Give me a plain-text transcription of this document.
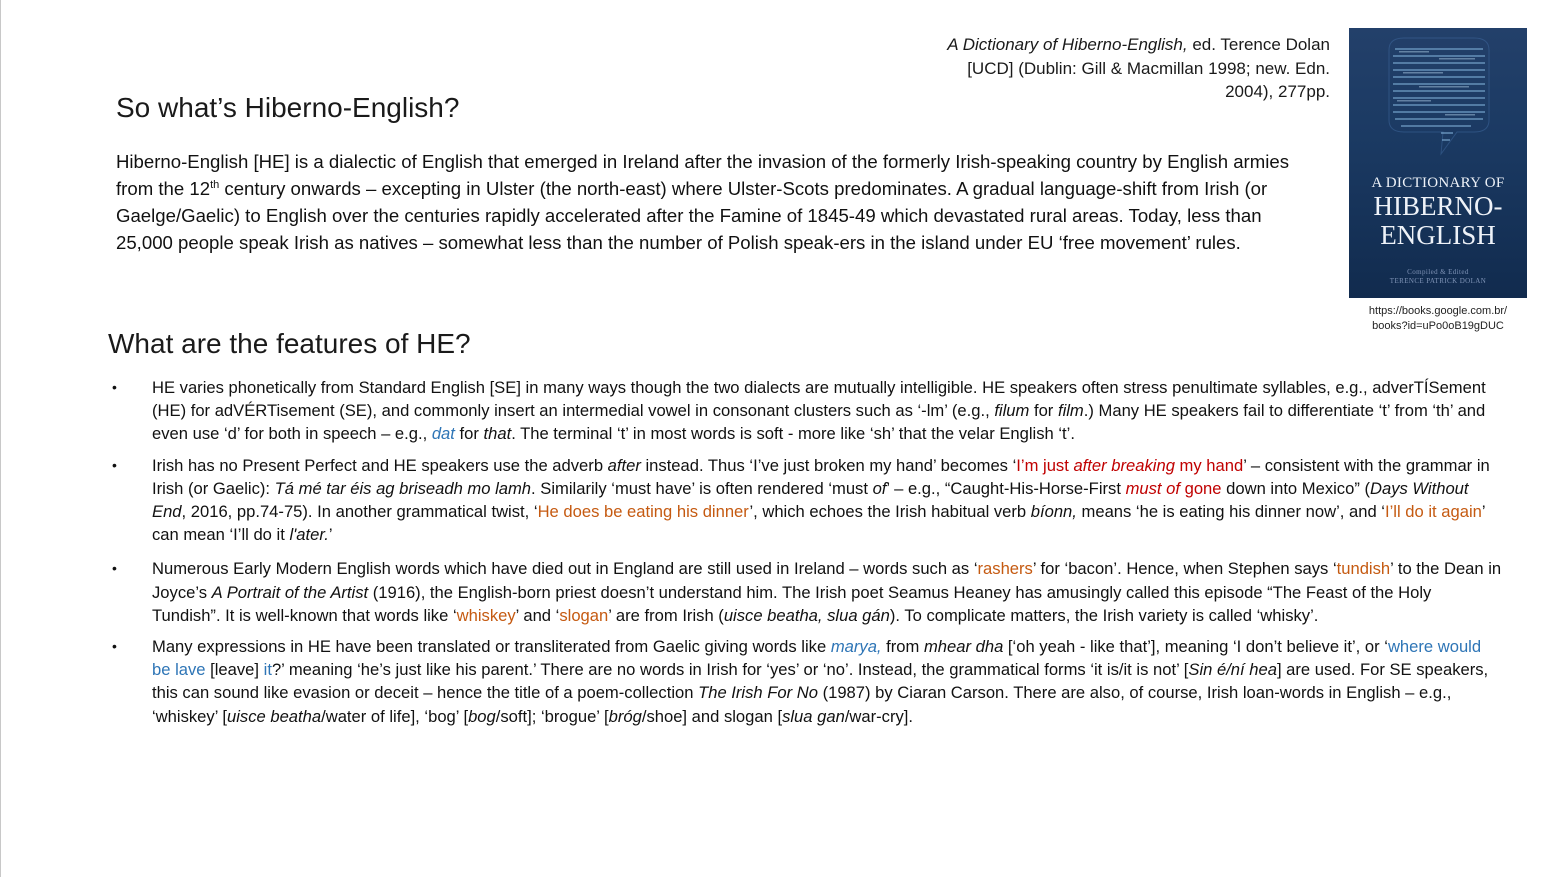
A Dictionary of Hiberno-English, ed. Terence Dolan [UCD] (Dublin: Gill & Macmillan 1998; new. Edn. 2004), 277pp.
A DICTIONARY OF
HIBERNO-
ENGLISH
Compiled & Edited
TERENCE PATRICK DOLAN
https://books.google.com.br/
books?id=uPo0oB19gDUC
So what’s Hiberno-English?
Hiberno-English [HE] is a dialectic of English that emerged in Ireland after the invasion of the formerly Irish-speaking country by English armies from the 12th century onwards – excepting in Ulster (the north-east) where Ulster-Scots predominates. A gradual language-shift from Irish (or Gaelge/Gaelic) to English over the centuries rapidly accelerated after the Famine of 1845-49 which devastated rural areas. Today, less than 25,000 people speak Irish as natives – somewhat less than the number of Polish speak-ers in the island under EU ‘free movement’ rules.
What are the features of HE?
• HE varies phonetically from Standard English [SE] in many ways though the two dialects are mutually intelligible. HE speakers often stress penultimate syllables, e.g., adverTÍSement (HE) for adVÉRTisement (SE), and commonly insert an intermedial vowel in consonant clusters such as ‘-lm’ (e.g., filum for film.) Many HE speakers fail to differentiate ‘t’ from ‘th’ and even use ‘d’ for both in speech – e.g., dat for that. The terminal ‘t’ in most words is soft - more like ‘sh’ that the velar English ‘t’.
• Irish has no Present Perfect and HE speakers use the adverb after instead. Thus ‘I’ve just broken my hand’ becomes ‘I’m just after breaking my hand’ – consistent with the grammar in Irish (or Gaelic): Tá mé tar éis ag briseadh mo lamh. Similarily ‘must have’ is often rendered ‘must of’ – e.g., “Caught-His-Horse-First must of gone down into Mexico” (Days Without End, 2016, pp.74-75). In another grammatical twist, ‘He does be eating his dinner’, which echoes the Irish habitual verb bíonn, means ‘he is eating his dinner now’, and ‘I’ll do it again’ can mean ‘I’ll do it l'ater.’
• Numerous Early Modern English words which have died out in England are still used in Ireland – words such as ‘rashers’ for ‘bacon’. Hence, when Stephen says ‘tundish’ to the Dean in Joyce’s A Portrait of the Artist (1916), the English-born priest doesn’t understand him. The Irish poet Seamus Heaney has amusingly called this episode “The Feast of the Holy Tundish”. It is well-known that words like ‘whiskey’ and ‘slogan’ are from Irish (uisce beatha, slua gán). To complicate matters, the Irish variety is called ‘whisky’.
• Many expressions in HE have been translated or transliterated from Gaelic giving words like marya, from mhear dha [‘oh yeah - like that’], meaning ‘I don’t believe it’, or ‘where would be lave [leave] it?’ meaning ‘he’s just like his parent.’ There are no words in Irish for ‘yes’ or ‘no’. Instead, the grammatical forms ‘it is/it is not’ [Sin é/ní hea] are used. For SE speakers, this can sound like evasion or deceit – hence the title of a poem-collection The Irish For No (1987) by Ciaran Carson. There are also, of course, Irish loan-words in English – e.g., ‘whiskey’ [uisce beatha/water of life], ‘bog’ [bog/soft]; ‘brogue’ [bróg/shoe] and slogan [slua gan/war-cry].
